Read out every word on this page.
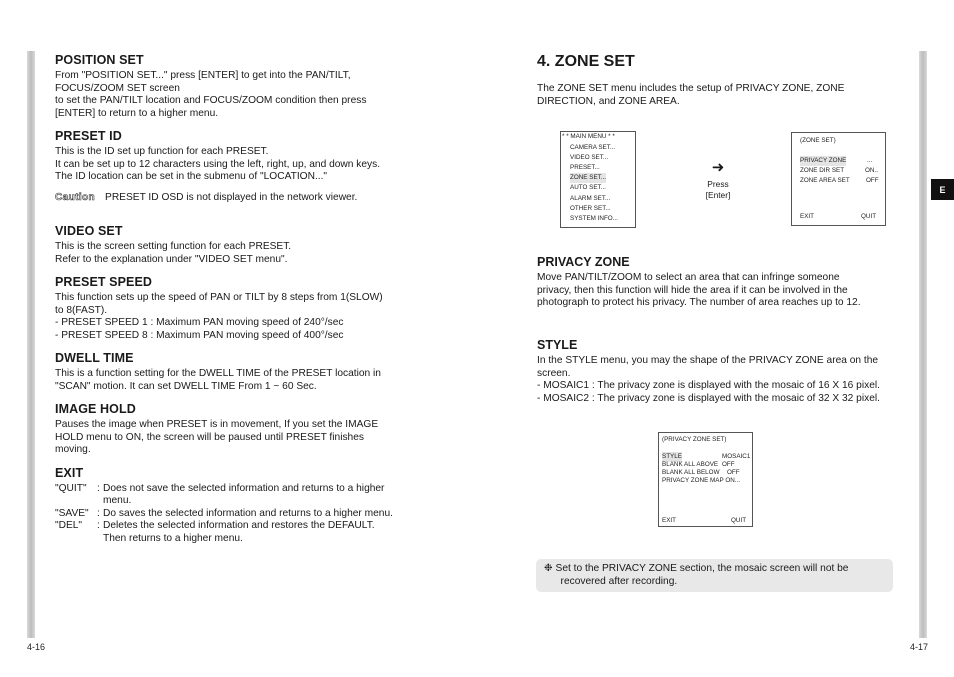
E
POSITION SET
From "POSITION SET..." press [ENTER] to get into the PAN/TILT,
FOCUS/ZOOM SET screen
to set the PAN/TILT location and FOCUS/ZOOM condition then press
[ENTER] to return to a higher menu.
PRESET ID
This is the ID set up function for each PRESET.
It can be set up to 12 characters using the left, right, up, and down keys.
The ID location can be set in the submenu of "LOCATION..."
Caution PRESET ID OSD is not displayed in the network viewer.
VIDEO SET
This is the screen setting function for each PRESET.
Refer to the explanation under "VIDEO SET menu".
PRESET SPEED
This function sets up the speed of PAN or TILT by 8 steps from 1(SLOW)
to 8(FAST).
- PRESET SPEED 1 : Maximum PAN moving speed of 240°/sec
- PRESET SPEED 8 : Maximum PAN moving speed of 400°/sec
DWELL TIME
This is a function setting for the DWELL TIME of the PRESET location in
"SCAN" motion. It can set DWELL TIME From 1 ~ 60 Sec.
IMAGE HOLD
Pauses the image when PRESET is in movement, If you set the IMAGE
HOLD menu to ON, the screen will be paused until PRESET finishes
moving.
EXIT
"QUIT"	: Does not save the selected information and returns to a higher
menu.
"SAVE" : Do saves the selected information and returns to a higher menu.
"DEL"	: Deletes the selected information and restores the DEFAULT.
Then returns to a higher menu.
4-16
4. ZONE SET
The ZONE SET menu includes the setup of PRIVACY ZONE, ZONE
DIRECTION, and ZONE AREA.
* * MAIN MENU * *
CAMERA SET...
VIDEO SET...
PRESET...
ZONE SET...
AUTO SET...
ALARM SET...
OTHER SET...
SYSTEM INFO...
➜
Press
[Enter]
(ZONE SET)
PRIVACY ZONE	...
ZONE DIR SET	ON..
ZONE AREA SET	OFF
EXIT	QUIT
PRIVACY ZONE
Move PAN/TILT/ZOOM to select an area that can infringe someone
privacy, then this function will hide the area if it can be involved in the
photograph to protect his privacy. The number of area reaches up to 12.
STYLE
In the STYLE menu, you may the shape of the PRIVACY ZONE area on the
screen.
- MOSAIC1 : The privacy zone is displayed with the mosaic of 16 X 16 pixel.
- MOSAIC2 : The privacy zone is displayed with the mosaic of 32 X 32 pixel.
(PRIVACY ZONE SET)
STYLE	MOSAIC1
BLANK ALL ABOVE OFF
BLANK ALL BELOW OFF
PRIVACY ZONE MAP ON...
EXIT	QUIT
❉ Set to the PRIVACY ZONE section, the mosaic screen will not be
recovered after recording.
4-17
